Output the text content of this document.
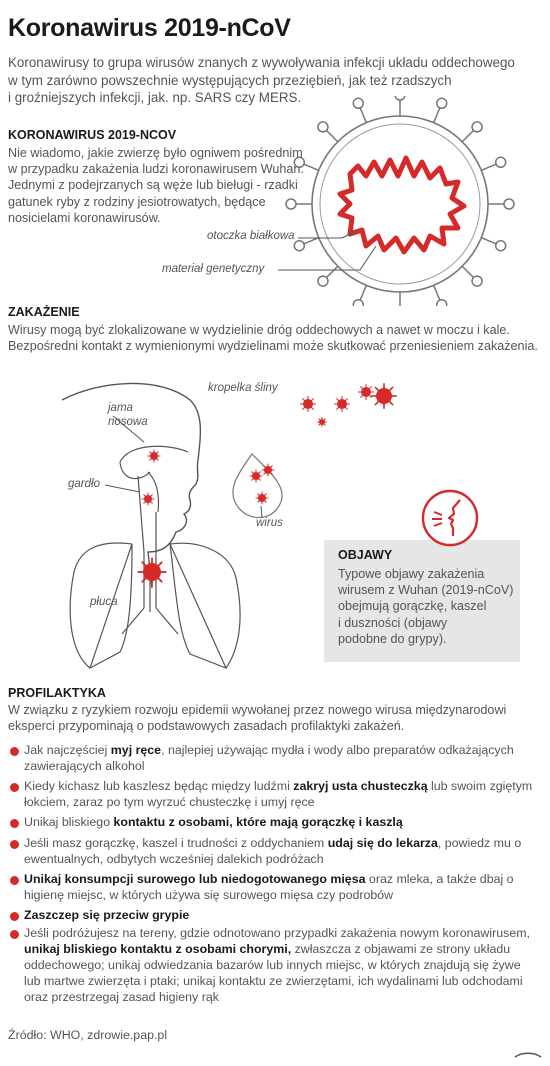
Koronawirus 2019-nCoV
Koronawirusy to grupa wirusów znanych z wywoływania infekcji układu oddechowego
w tym zarówno powszechnie występujących przeziębień, jak też rzadszych
i groźniejszych infekcji, jak. np. SARS czy MERS.
KORONAWIRUS 2019-NCOV
Nie wiadomo, jakie zwierzę było ogniwem pośrednim
w przypadku zakażenia ludzi koronawirusem Wuhan.
Jednymi z podejrzanych są węże lub bieługi - rzadki
gatunek ryby z rodziny jesiotrowatych, będące
nosicielami koronawirusów.
otoczka białkowa
materiał genetyczny
ZAKAŻENIE
Wirusy mogą być zlokalizowane w wydzielinie dróg oddechowych a nawet w moczu i kale.
Bezpośredni kontakt z wymienionymi wydzielinami może skutkować przeniesieniem zakażenia.
jama
nosowa
gardło
płuca
kropelka śliny
wirus
OBJAWY
Typowe objawy zakażenia
wirusem z Wuhan (2019-nCoV)
obejmują gorączkę, kaszel
i duszności (objawy
podobne do grypy).
PROFILAKTYKA
W związku z ryzykiem rozwoju epidemii wywołanej przez nowego wirusa międzynarodowi
eksperci przypominają o podstawowych zasadach profilaktyki zakażeń.
Jak najczęściej myj ręce, najlepiej używając mydła i wody albo preparatów odkażających
zawierających alkohol
Kiedy kichasz lub kaszlesz będąc między ludźmi zakryj usta chusteczką lub swoim zgiętym
łokciem, zaraz po tym wyrzuć chusteczkę i umyj ręce
Unikaj bliskiego kontaktu z osobami, które mają gorączkę i kaszlą
Jeśli masz gorączkę, kaszel i trudności z oddychaniem udaj się do lekarza, powiedz mu o
ewentualnych, odbytych wcześniej dalekich podróżach
Unikaj konsumpcji surowego lub niedogotowanego mięsa oraz mleka, a także dbaj o
higienę miejsc, w których używa się surowego mięsa czy podrobów
Zaszczep się przeciw grypie
Jeśli podróżujesz na tereny, gdzie odnotowano przypadki zakażenia nowym koronawirusem,
unikaj bliskiego kontaktu z osobami chorymi, zwłaszcza z objawami ze strony układu
oddechowego; unikaj odwiedzania bazarów lub innych miejsc, w których znajdują się żywe
lub martwe zwierzęta i ptaki; unikaj kontaktu ze zwierzętami, ich wydalinami lub odchodami
oraz przestrzegaj zasad higieny rąk
Źródło: WHO, zdrowie.pap.pl
